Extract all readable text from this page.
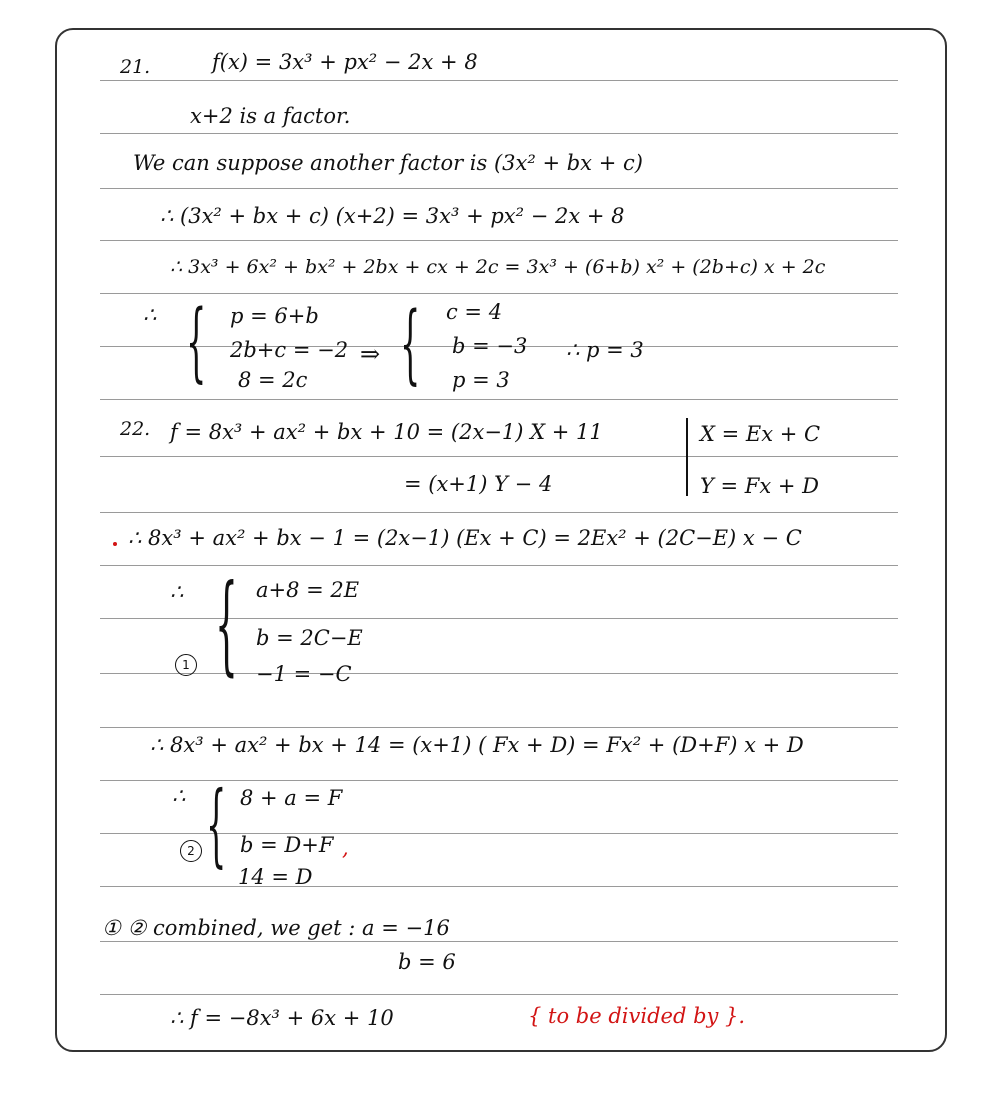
21.	f(x) = 3x³ + px² − 2x + 8
x+2 is a factor.
We can suppose another factor is (3x² + bx + c)
∴ (3x² + bx + c) (x+2) = 3x³ + px² − 2x + 8
∴ 3x³ + 6x² + bx² + 2bx + cx + 2c = 3x³ + (6+b) x² + (2b+c) x + 2c
∴ { p = 6+b
2b+c = −2
8 = 2c
⇒ { c = 4
b = −3
p = 3
∴ p = 3
22. f = 8x³ + ax² + bx + 10 = (2x−1) X + 11
= (x+1) Y − 4
X = Ex + C
Y = Fx + D
∴ 8x³ + ax² + bx − 1 = (2x−1) (Ex + C) = 2Ex² + (2C−E) x − C
∴ { a+8 = 2E
b = 2C−E
−1 = −C
1
∴ 8x³ + ax² + bx + 14 = (x+1) ( Fx + D) = Fx² + (D+F) x + D
∴ { 8 + a = F
b = D+F
14 = D
2	,
① ② combined, we get : a = −16
b = 6
∴ f = −8x³ + 6x + 10	{ to be divided by }.
